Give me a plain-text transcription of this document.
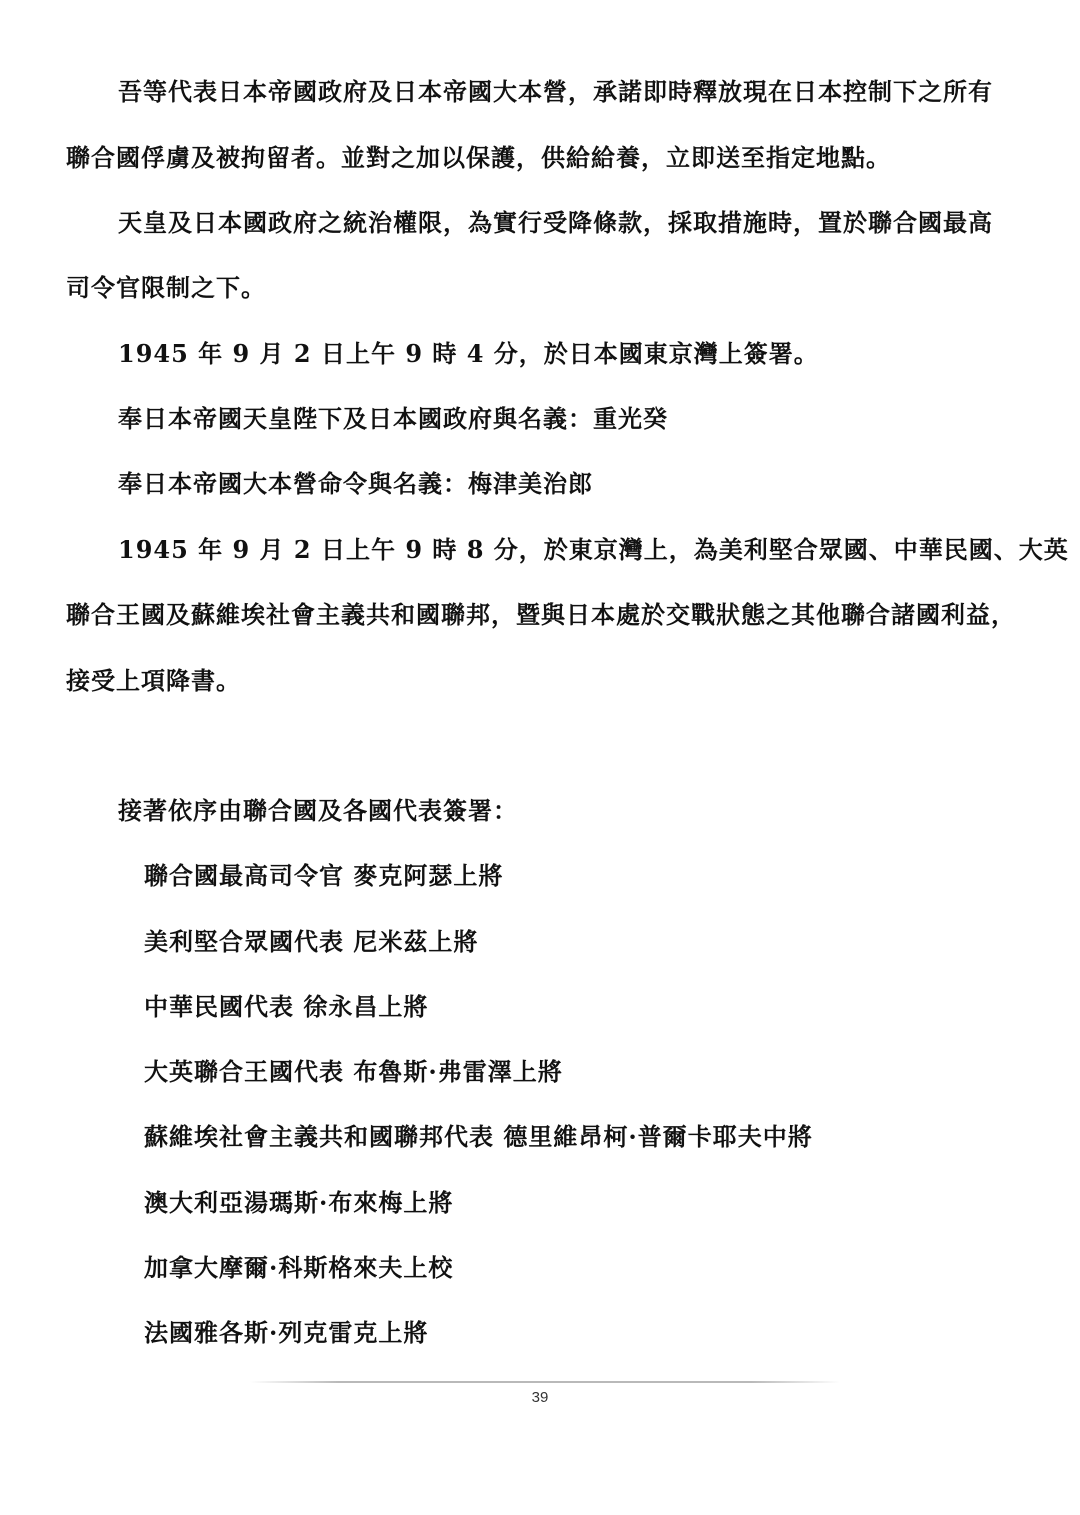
吾等代表日本帝國政府及日本帝國大本營，承諾即時釋放現在日本控制下之所有
聯合國俘虜及被拘留者。並對之加以保護，供給給養，立即送至指定地點。
天皇及日本國政府之統治權限，為實行受降條款，採取措施時，置於聯合國最高
司令官限制之下。
1945 年 9 月 2 日上午 9 時 4 分，於日本國東京灣上簽署。
奉日本帝國天皇陛下及日本國政府與名義：重光癸
奉日本帝國大本營命令與名義：梅津美治郎
1945 年 9 月 2 日上午 9 時 8 分，於東京灣上，為美利堅合眾國、中華民國、大英
聯合王國及蘇維埃社會主義共和國聯邦，暨與日本處於交戰狀態之其他聯合諸國利益，
接受上項降書。
接著依序由聯合國及各國代表簽署：
聯合國最高司令官 麥克阿瑟上將
美利堅合眾國代表 尼米茲上將
中華民國代表 徐永昌上將
大英聯合王國代表 布魯斯·弗雷澤上將
蘇維埃社會主義共和國聯邦代表 德里維昂柯·普爾卡耶夫中將
澳大利亞湯瑪斯·布來梅上將
加拿大摩爾·科斯格來夫上校
法國雅各斯·列克雷克上將
39
